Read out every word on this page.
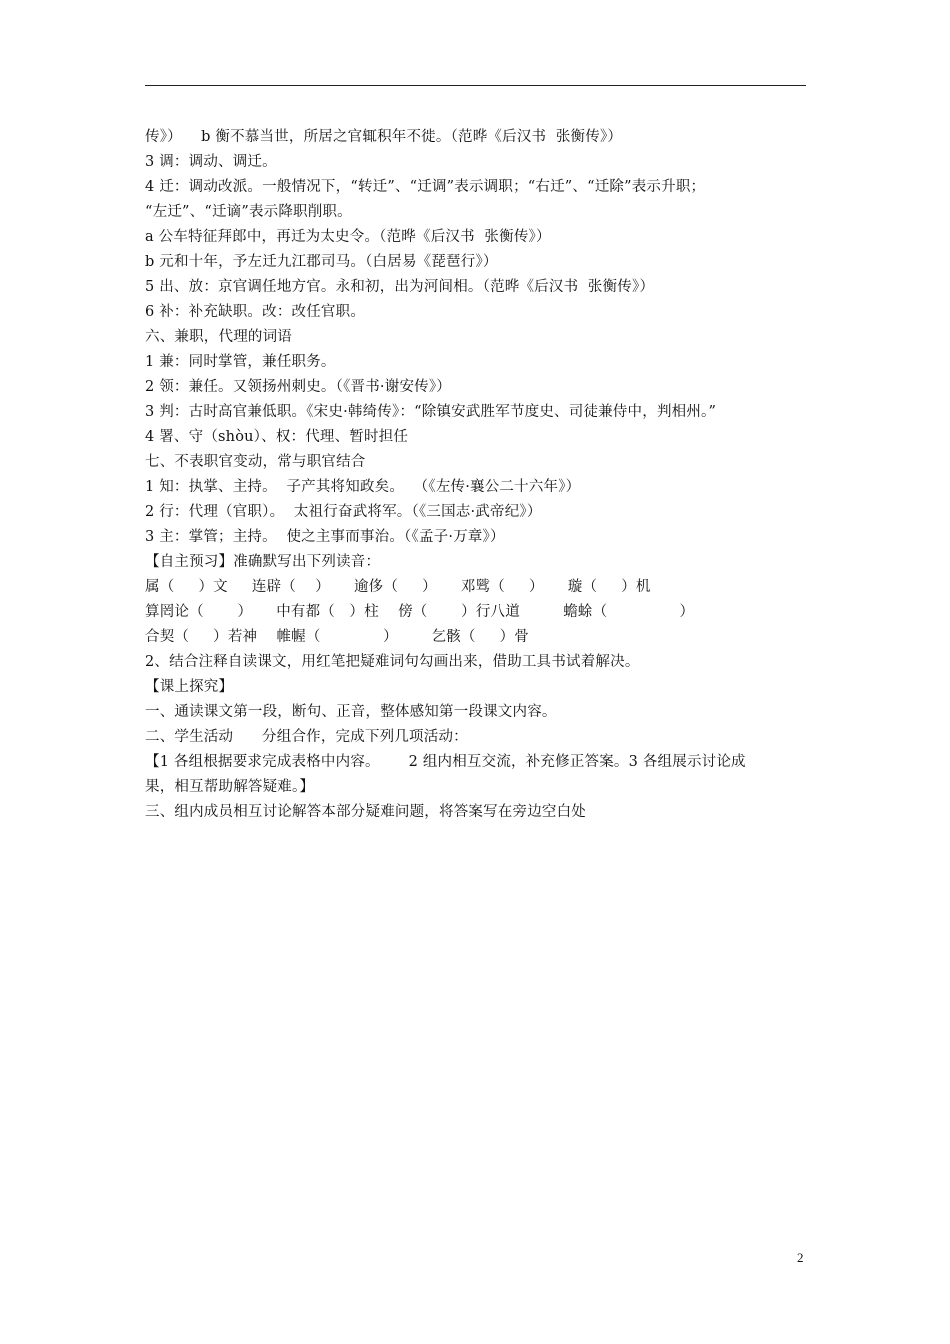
传》）    b 衡不慕当世，所居之官辄积年不徙。（范晔《后汉书  张衡传》）
3 调：调动、调迁。
4 迁：调动改派。一般情况下，“转迁”、“迁调”表示调职；“右迁”、“迁除”表示升职；
“左迁”、“迁谪”表示降职削职。
a 公车特征拜郎中，再迁为太史令。（范晔《后汉书  张衡传》）
b 元和十年，予左迁九江郡司马。（白居易《琵琶行》）
5 出、放：京官调任地方官。永和初，出为河间相。（范晔《后汉书  张衡传》）
6 补：补充缺职。改：改任官职。
六、兼职，代理的词语
1 兼：同时掌管，兼任职务。
2 领：兼任。又领扬州刺史。（《晋书·谢安传》）
3 判：古时高官兼低职。《宋史·韩绮传》：“除镇安武胜军节度史、司徒兼侍中，判相州。”
4 署、守（shòu）、权：代理、暂时担任
七、不表职官变动，常与职官结合
1 知：执掌、主持。  子产其将知政矣。  （《左传·襄公二十六年》）
2 行：代理（官职）。  太祖行奋武将军。（《三国志·武帝纪》）
3 主：掌管；主持。  使之主事而事治。（《孟子·万章》）
【自主预习】准确默写出下列读音：
属（     ）文     连辟（    ）     逾侈（     ）     邓骘（     ）     璇（     ）机
算罔论（       ）     中有都（   ）柱    傍（       ）行八道         蟾蜍（               ）
合契（     ）若神    帷幄（             ）       乞骸（     ）骨
2、结合注释自读课文，用红笔把疑难词句勾画出来，借助工具书试着解决。
【课上探究】
一、通读课文第一段，断句、正音，整体感知第一段课文内容。
二、学生活动      分组合作，完成下列几项活动：
【1 各组根据要求完成表格中内容。      2 组内相互交流，补充修正答案。3 各组展示讨论成
果，相互帮助解答疑难。】
三、组内成员相互讨论解答本部分疑难问题，将答案写在旁边空白处
2
